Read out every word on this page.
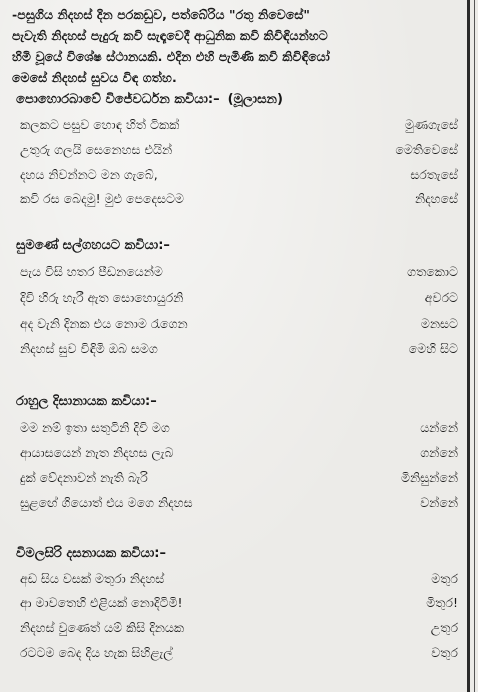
-පසුගිය නිදහස් දින පරකඩුව, පත්බේරිය "රතු නිවෙසේ"
පැවැති නිදහස් පැදුරු කවි සැඳෑවෙදී ආධුනික කවි කිවිඳියන්හට
හිමි වූයේ විශේෂ ස්ථානයකි. එදින එහි පැමිණි කවි කිවිඳියෝ
මෙසේ නිදහස් සුවය විඳ ගත්හ.
පොහොරබාවේ විජේවර්ධන කවියා:– (මූලාසන)
කලකට පසුව හොඳ හිත් ටිකක්	මුණගැසේ
උතුරු ගලයි සෙනෙහස එයින්	මෙතිවෙසේ
දහය නිවන්නට මන ගැබේ,	සරතැසේ
කවි රස බෙදමු! මුළු පෙදෙසටම	නිදහසේ
සුමණේ සල්ගහයට කවියා:–
පැය විසි හතර පීඩනයෙන්ම	ගතකොට
දිවි හිරු හැරී ඇත සොහොයුරනි	අවරට
අද වැනි දිනක එය නොම රැගෙන	මනසට
නිදහස් සුව විඳිමි ඔබ සමග	මෙහි සිට
රාහුල දිසානායක කවියා:–
මම නම් ඉතා සතුටිනි දිවි මග	යන්නේ
ආයාසයෙන් නැත නිදහස ලැබ	ගන්නේ
දුක් වේදනාවන් නැති බැරි	මිනිසුන්නේ
සුළඟේ ගියොත් එය මගෙ නිදහස	වන්නේ
විමලසිරි දසනායක කවියා:–
අඩ සිය වසක් මතුරා නිදහස්	මතුර
ආ මාවතෙහි එළියක් නොදිටිමි!	මිතුර!
නිදහස් වුණෙත් යම් කිසි දිනයක	උතුර
රටටම බෙද දිය හැක සිහිළැල්	වතුර
